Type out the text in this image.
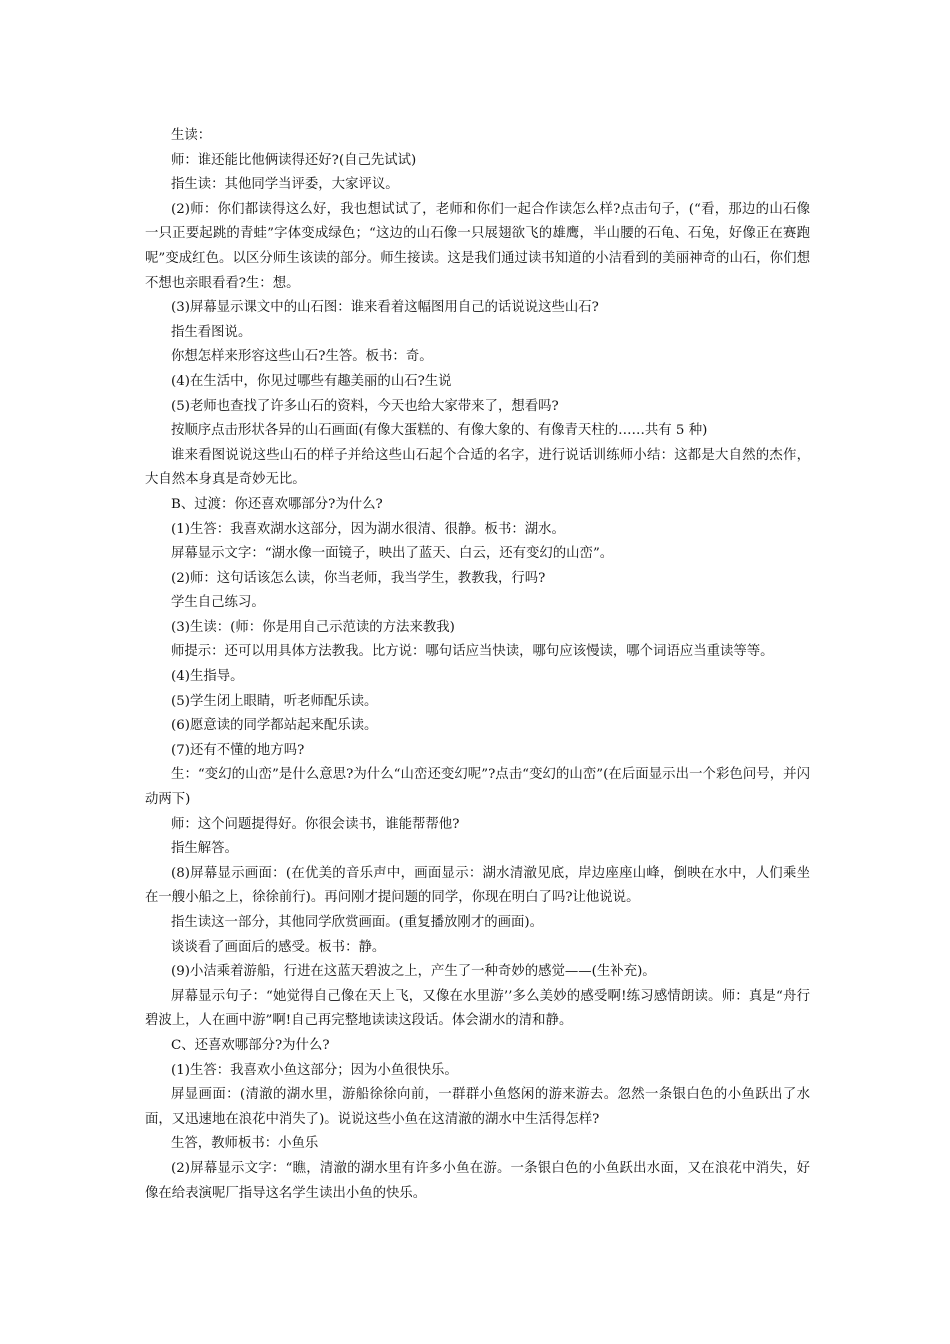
生读：

师：谁还能比他俩读得还好?(自己先试试)

指生读：其他同学当评委，大家评议。

(2)师：你们都读得这么好，我也想试试了，老师和你们一起合作读怎么样?点击句子，(“看，那边的山石像一只正要起跳的青蛙”字体变成绿色；“这边的山石像一只展翅欲飞的雄鹰，半山腰的石龟、石兔，好像正在赛跑呢”变成红色。以区分师生该读的部分。师生接读。这是我们通过读书知道的小洁看到的美丽神奇的山石，你们想不想也亲眼看看?生：想。

(3)屏幕显示课文中的山石图：谁来看着这幅图用自己的话说说这些山石?

指生看图说。

你想怎样来形容这些山石?生答。板书：奇。

(4)在生活中，你见过哪些有趣美丽的山石?生说

(5)老师也查找了许多山石的资料，今天也给大家带来了，想看吗?

按顺序点击形状各异的山石画面(有像大蛋糕的、有像大象的、有像青天柱的……共有 5 种)

谁来看图说说这些山石的样子并给这些山石起个合适的名字，进行说话训练师小结：这都是大自然的杰作，大自然本身真是奇妙无比。

B、过渡：你还喜欢哪部分?为什么?

(1)生答：我喜欢湖水这部分，因为湖水很清、很静。板书：湖水。

屏幕显示文字：“湖水像一面镜子，映出了蓝天、白云，还有变幻的山峦”。

(2)师：这句话该怎么读，你当老师，我当学生，教教我，行吗?

学生自己练习。

(3)生读：(师：你是用自己示范读的方法来教我)

师提示：还可以用具体方法教我。比方说：哪句话应当快读，哪句应该慢读，哪个词语应当重读等等。

(4)生指导。

(5)学生闭上眼睛，听老师配乐读。

(6)愿意读的同学都站起来配乐读。

(7)还有不懂的地方吗?

生：“变幻的山峦”是什么意思?为什么“山峦还变幻呢”?点击“变幻的山峦”(在后面显示出一个彩色问号，并闪动两下)

师：这个问题提得好。你很会读书，谁能帮帮他?

指生解答。

(8)屏幕显示画面：(在优美的音乐声中，画面显示：湖水清澈见底，岸边座座山峰，倒映在水中，人们乘坐在一艘小船之上，徐徐前行)。再问刚才提问题的同学，你现在明白了吗?让他说说。

指生读这一部分，其他同学欣赏画面。(重复播放刚才的画面)。

谈谈看了画面后的感受。板书：静。

(9)小洁乘着游船，行进在这蓝天碧波之上，产生了一种奇妙的感觉——(生补充)。

屏幕显示句子：“她觉得自己像在天上飞，又像在水里游’’多么美妙的感受啊!练习感情朗读。师：真是“舟行碧波上，人在画中游”啊!自己再完整地读读这段话。体会湖水的清和静。

C、还喜欢哪部分?为什么?

(1)生答：我喜欢小鱼这部分；因为小鱼很快乐。

屏显画面：(清澈的湖水里，游船徐徐向前，一群群小鱼悠闲的游来游去。忽然一条银白色的小鱼跃出了水面，又迅速地在浪花中消失了)。说说这些小鱼在这清澈的湖水中生活得怎样?

生答，教师板书：小鱼乐

(2)屏幕显示文字：“瞧，清澈的湖水里有许多小鱼在游。一条银白色的小鱼跃出水面，又在浪花中消失，好像在给表演呢厂指导这名学生读出小鱼的快乐。
